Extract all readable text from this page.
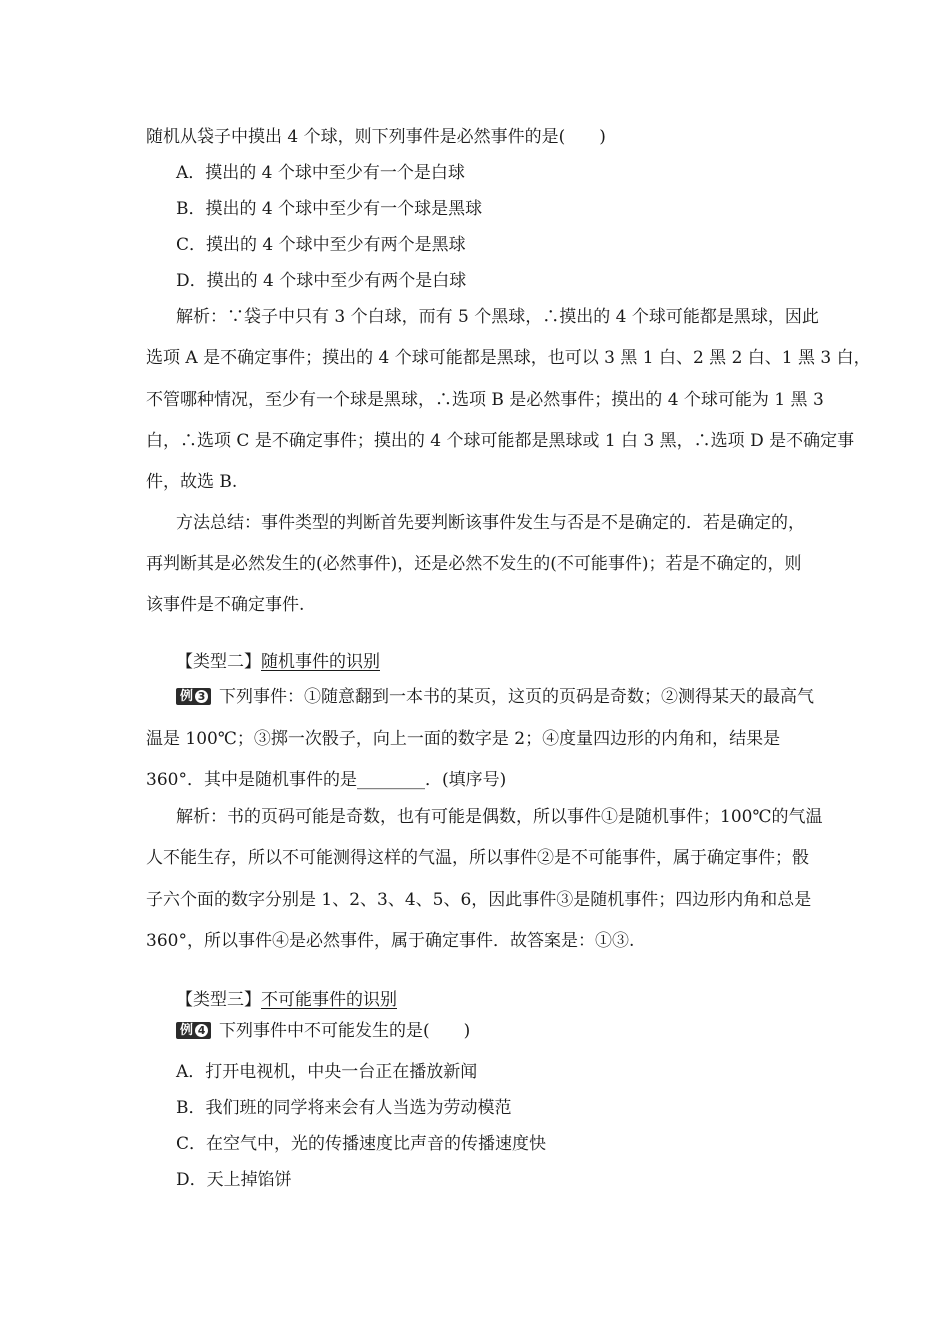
随机从袋子中摸出 4 个球，则下列事件是必然事件的是(　　)
A．摸出的 4 个球中至少有一个是白球
B．摸出的 4 个球中至少有一个球是黑球
C．摸出的 4 个球中至少有两个是黑球
D．摸出的 4 个球中至少有两个是白球
解析：∵袋子中只有 3 个白球，而有 5 个黑球，∴摸出的 4 个球可能都是黑球，因此
选项 A 是不确定事件；摸出的 4 个球可能都是黑球，也可以 3 黑 1 白、2 黑 2 白、1 黑 3 白，
不管哪种情况，至少有一个球是黑球，∴选项 B 是必然事件；摸出的 4 个球可能为 1 黑 3
白，∴选项 C 是不确定事件；摸出的 4 个球可能都是黑球或 1 白 3 黑，∴选项 D 是不确定事
件，故选 B.
方法总结：事件类型的判断首先要判断该事件发生与否是不是确定的．若是确定的，
再判断其是必然发生的(必然事件)，还是必然不发生的(不可能事件)；若是不确定的，则
该事件是不确定事件.
【类型二】随机事件的识别
例 3 下列事件：①随意翻到一本书的某页，这页的页码是奇数；②测得某天的最高气
温是 100℃；③掷一次骰子，向上一面的数字是 2；④度量四边形的内角和，结果是
360°．其中是随机事件的是________．(填序号)
解析：书的页码可能是奇数，也有可能是偶数，所以事件①是随机事件；100℃的气温
人不能生存，所以不可能测得这样的气温，所以事件②是不可能事件，属于确定事件；骰
子六个面的数字分别是 1、2、3、4、5、6，因此事件③是随机事件；四边形内角和总是
360°，所以事件④是必然事件，属于确定事件．故答案是：①③.
【类型三】不可能事件的识别
例 4 下列事件中不可能发生的是(　　)
A．打开电视机，中央一台正在播放新闻
B．我们班的同学将来会有人当选为劳动模范
C．在空气中，光的传播速度比声音的传播速度快
D．天上掉馅饼
